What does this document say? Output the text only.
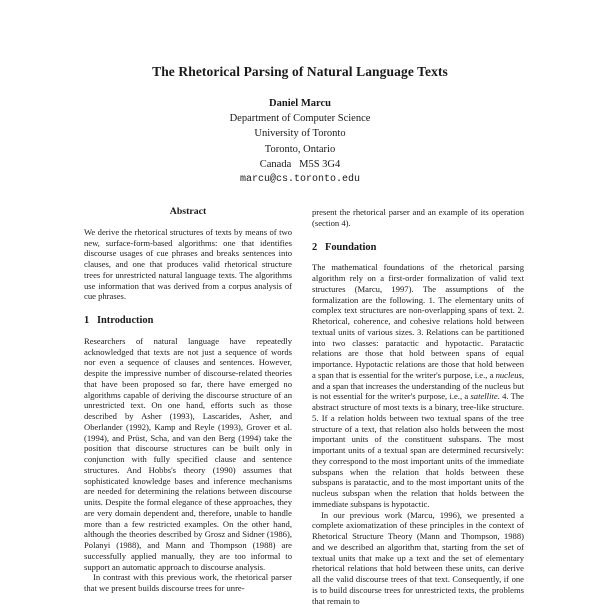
The Rhetorical Parsing of Natural Language Texts
Daniel Marcu
Department of Computer Science
University of Toronto
Toronto, Ontario
Canada   M5S 3G4
marcu@cs.toronto.edu
Abstract

We derive the rhetorical structures of texts by means of two new, surface-form-based algorithms: one that identifies discourse usages of cue phrases and breaks sentences into clauses, and one that produces valid rhetorical structure trees for unrestricted natural language texts. The algorithms use information that was derived from a corpus analysis of cue phrases.

1   Introduction

Researchers of natural language have repeatedly acknowledged that texts are not just a sequence of words nor even a sequence of clauses and sentences. However, despite the impressive number of discourse-related theories that have been proposed so far, there have emerged no algorithms capable of deriving the discourse structure of an unrestricted text. On one hand, efforts such as those described by Asher (1993), Lascarides, Asher, and Oberlander (1992), Kamp and Reyle (1993), Grover et al. (1994), and Prüst, Scha, and van den Berg (1994) take the position that discourse structures can be built only in conjunction with fully specified clause and sentence structures. And Hobbs's theory (1990) assumes that sophisticated knowledge bases and inference mechanisms are needed for determining the relations between discourse units. Despite the formal elegance of these approaches, they are very domain dependent and, therefore, unable to handle more than a few restricted examples. On the other hand, although the theories described by Grosz and Sidner (1986), Polanyi (1988), and Mann and Thompson (1988) are successfully applied manually, they are too informal to support an automatic approach to discourse analysis.

In contrast with this previous work, the rhetorical parser that we present builds discourse trees for unre-

present the rhetorical parser and an example of its operation (section 4).

2   Foundation

The mathematical foundations of the rhetorical parsing algorithm rely on a first-order formalization of valid text structures (Marcu, 1997). The assumptions of the formalization are the following. 1. The elementary units of complex text structures are non-overlapping spans of text. 2. Rhetorical, coherence, and cohesive relations hold between textual units of various sizes. 3. Relations can be partitioned into two classes: paratactic and hypotactic. Paratactic relations are those that hold between spans of equal importance. Hypotactic relations are those that hold between a span that is essential for the writer's purpose, i.e., a nucleus, and a span that increases the understanding of the nucleus but is not essential for the writer's purpose, i.e., a satellite. 4. The abstract structure of most texts is a binary, tree-like structure. 5. If a relation holds between two textual spans of the tree structure of a text, that relation also holds between the most important units of the constituent subspans. The most important units of a textual span are determined recursively: they correspond to the most important units of the immediate subspans when the relation that holds between these subspans is paratactic, and to the most important units of the nucleus subspan when the relation that holds between the immediate subspans is hypotactic.

In our previous work (Marcu, 1996), we presented a complete axiomatization of these principles in the context of Rhetorical Structure Theory (Mann and Thompson, 1988) and we described an algorithm that, starting from the set of textual units that make up a text and the set of elementary rhetorical relations that hold between these units, can derive all the valid discourse trees of that text. Consequently, if one is to build discourse trees for unrestricted texts, the problems that remain to
